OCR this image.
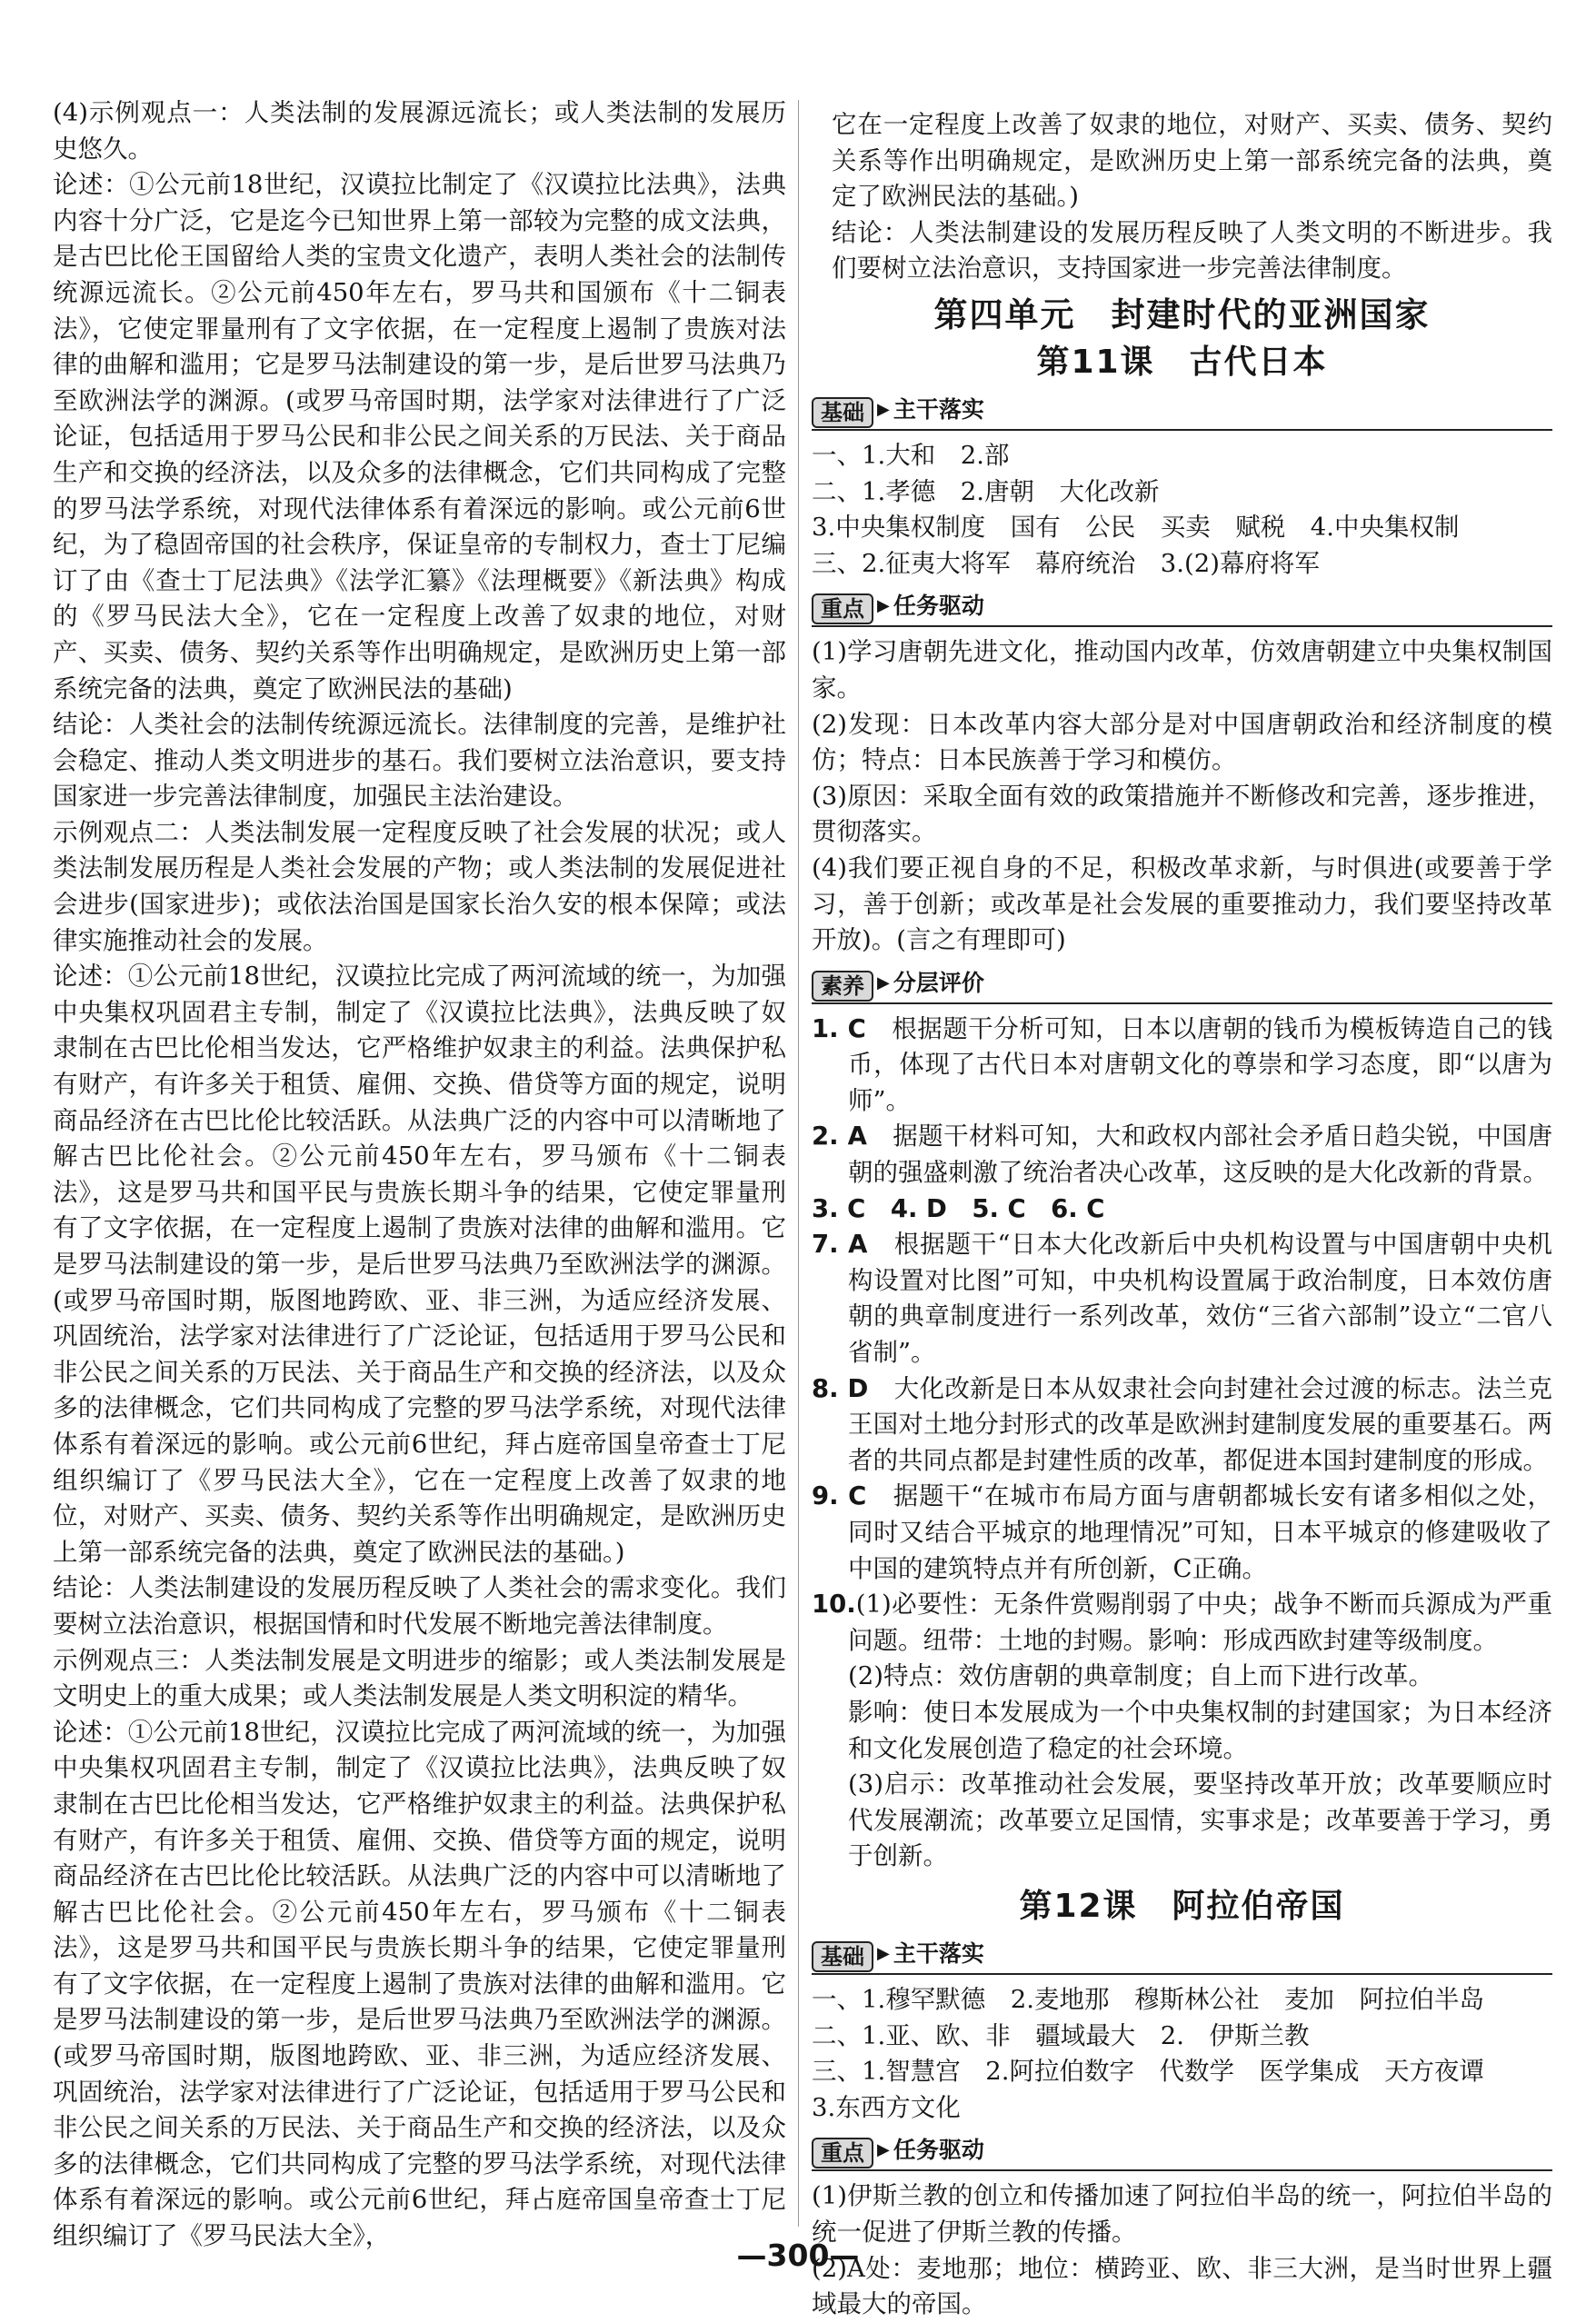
(4)示例观点一：人类法制的发展源远流长；或人类法制的发展历史悠久。

论述：①公元前18世纪，汉谟拉比制定了《汉谟拉比法典》，法典内容十分广泛，它是迄今已知世界上第一部较为完整的成文法典，是古巴比伦王国留给人类的宝贵文化遗产，表明人类社会的法制传统源远流长。②公元前450年左右，罗马共和国颁布《十二铜表法》，它使定罪量刑有了文字依据，在一定程度上遏制了贵族对法律的曲解和滥用；它是罗马法制建设的第一步，是后世罗马法典乃至欧洲法学的渊源。(或罗马帝国时期，法学家对法律进行了广泛论证，包括适用于罗马公民和非公民之间关系的万民法、关于商品生产和交换的经济法，以及众多的法律概念，它们共同构成了完整的罗马法学系统，对现代法律体系有着深远的影响。或公元前6世纪，为了稳固帝国的社会秩序，保证皇帝的专制权力，查士丁尼编订了由《查士丁尼法典》《法学汇纂》《法理概要》《新法典》构成的《罗马民法大全》，它在一定程度上改善了奴隶的地位，对财产、买卖、债务、契约关系等作出明确规定，是欧洲历史上第一部系统完备的法典，奠定了欧洲民法的基础)

结论：人类社会的法制传统源远流长。法律制度的完善，是维护社会稳定、推动人类文明进步的基石。我们要树立法治意识，要支持国家进一步完善法律制度，加强民主法治建设。

示例观点二：人类法制发展一定程度反映了社会发展的状况；或人类法制发展历程是人类社会发展的产物；或人类法制的发展促进社会进步(国家进步)；或依法治国是国家长治久安的根本保障；或法律实施推动社会的发展。

论述：①公元前18世纪，汉谟拉比完成了两河流域的统一，为加强中央集权巩固君主专制，制定了《汉谟拉比法典》，法典反映了奴隶制在古巴比伦相当发达，它严格维护奴隶主的利益。法典保护私有财产，有许多关于租赁、雇佣、交换、借贷等方面的规定，说明商品经济在古巴比伦比较活跃。从法典广泛的内容中可以清晰地了解古巴比伦社会。②公元前450年左右，罗马颁布《十二铜表法》，这是罗马共和国平民与贵族长期斗争的结果，它使定罪量刑有了文字依据，在一定程度上遏制了贵族对法律的曲解和滥用。它是罗马法制建设的第一步，是后世罗马法典乃至欧洲法学的渊源。(或罗马帝国时期，版图地跨欧、亚、非三洲，为适应经济发展、巩固统治，法学家对法律进行了广泛论证，包括适用于罗马公民和非公民之间关系的万民法、关于商品生产和交换的经济法，以及众多的法律概念，它们共同构成了完整的罗马法学系统，对现代法律体系有着深远的影响。或公元前6世纪，拜占庭帝国皇帝查士丁尼组织编订了《罗马民法大全》，它在一定程度上改善了奴隶的地位，对财产、买卖、债务、契约关系等作出明确规定，是欧洲历史上第一部系统完备的法典，奠定了欧洲民法的基础。)

结论：人类法制建设的发展历程反映了人类社会的需求变化。我们要树立法治意识，根据国情和时代发展不断地完善法律制度。

示例观点三：人类法制发展是文明进步的缩影；或人类法制发展是文明史上的重大成果；或人类法制发展是人类文明积淀的精华。

论述：①公元前18世纪，汉谟拉比完成了两河流域的统一，为加强中央集权巩固君主专制，制定了《汉谟拉比法典》，法典反映了奴隶制在古巴比伦相当发达，它严格维护奴隶主的利益。法典保护私有财产，有许多关于租赁、雇佣、交换、借贷等方面的规定，说明商品经济在古巴比伦比较活跃。从法典广泛的内容中可以清晰地了解古巴比伦社会。②公元前450年左右，罗马颁布《十二铜表法》，这是罗马共和国平民与贵族长期斗争的结果，它使定罪量刑有了文字依据，在一定程度上遏制了贵族对法律的曲解和滥用。它是罗马法制建设的第一步，是后世罗马法典乃至欧洲法学的渊源。(或罗马帝国时期，版图地跨欧、亚、非三洲，为适应经济发展、巩固统治，法学家对法律进行了广泛论证，包括适用于罗马公民和非公民之间关系的万民法、关于商品生产和交换的经济法，以及众多的法律概念，它们共同构成了完整的罗马法学系统，对现代法律体系有着深远的影响。或公元前6世纪，拜占庭帝国皇帝查士丁尼组织编订了《罗马民法大全》，

它在一定程度上改善了奴隶的地位，对财产、买卖、债务、契约关系等作出明确规定，是欧洲历史上第一部系统完备的法典，奠定了欧洲民法的基础。)

结论：人类法制建设的发展历程反映了人类文明的不断进步。我们要树立法治意识，支持国家进一步完善法律制度。

第四单元　封建时代的亚洲国家
第11课　古代日本
基础 ▶ 主干落实

一、1.大和　2.部

二、1.孝德　2.唐朝　大化改新

3.中央集权制度　国有　公民　买卖　赋税　4.中央集权制

三、2.征夷大将军　幕府统治　3.(2)幕府将军

重点 ▶ 任务驱动

(1)学习唐朝先进文化，推动国内改革，仿效唐朝建立中央集权制国家。

(2)发现：日本改革内容大部分是对中国唐朝政治和经济制度的模仿；特点：日本民族善于学习和模仿。

(3)原因：采取全面有效的政策措施并不断修改和完善，逐步推进，贯彻落实。

(4)我们要正视自身的不足，积极改革求新，与时俱进(或要善于学习，善于创新；或改革是社会发展的重要推动力，我们要坚持改革开放)。(言之有理即可)

素养 ▶ 分层评价

1. C　 根据题干分析可知，日本以唐朝的钱币为模板铸造自己的钱币，体现了古代日本对唐朝文化的尊崇和学习态度，即“以唐为师”。

2. A　 据题干材料可知，大和政权内部社会矛盾日趋尖锐，中国唐朝的强盛刺激了统治者决心改革，这反映的是大化改新的背景。

3. C　4. D　5. C　6. C

7. A　 根据题干“日本大化改新后中央机构设置与中国唐朝中央机构设置对比图”可知，中央机构设置属于政治制度，日本效仿唐朝的典章制度进行一系列改革，效仿“三省六部制”设立“二官八省制”。

8. D　 大化改新是日本从奴隶社会向封建社会过渡的标志。法兰克王国对土地分封形式的改革是欧洲封建制度发展的重要基石。两者的共同点都是封建性质的改革，都促进本国封建制度的形成。

9. C　 据题干“在城市布局方面与唐朝都城长安有诸多相似之处，同时又结合平城京的地理情况”可知，日本平城京的修建吸收了中国的建筑特点并有所创新，C正确。

10.(1)必要性：无条件赏赐削弱了中央；战争不断而兵源成为严重问题。纽带：土地的封赐。影响：形成西欧封建等级制度。

(2)特点：效仿唐朝的典章制度；自上而下进行改革。

影响：使日本发展成为一个中央集权制的封建国家；为日本经济和文化发展创造了稳定的社会环境。

(3)启示：改革推动社会发展，要坚持改革开放；改革要顺应时代发展潮流；改革要立足国情，实事求是；改革要善于学习，勇于创新。

第12课　阿拉伯帝国
基础 ▶ 主干落实

一、1.穆罕默德　2.麦地那　穆斯林公社　麦加　阿拉伯半岛

二、1.亚、欧、非　疆域最大　2.　伊斯兰教

三、1.智慧宫　2.阿拉伯数字　代数学　医学集成　天方夜谭

3.东西方文化

重点 ▶ 任务驱动

(1)伊斯兰教的创立和传播加速了阿拉伯半岛的统一，阿拉伯半岛的统一促进了伊斯兰教的传播。

(2)A处：麦地那；地位：横跨亚、欧、非三大洲，是当时世界上疆域最大的帝国。

—300—
